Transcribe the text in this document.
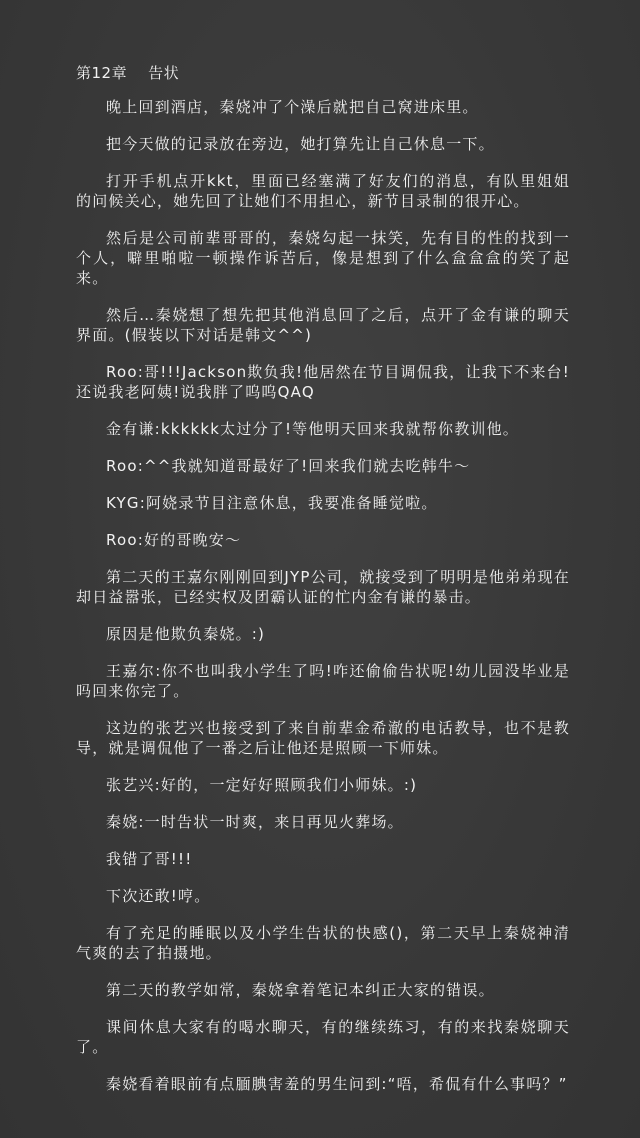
第12章    告状

晚上回到酒店，秦娆冲了个澡后就把自己窝进床里。

把今天做的记录放在旁边，她打算先让自己休息一下。

打开手机点开kkt，里面已经塞满了好友们的消息，有队里姐姐的问候关心，她先回了让她们不用担心，新节目录制的很开心。

然后是公司前辈哥哥的，秦娆勾起一抹笑，先有目的性的找到一个人，噼里啪啦一顿操作诉苦后，像是想到了什么盒盒盒的笑了起来。

然后…秦娆想了想先把其他消息回了之后，点开了金有谦的聊天界面。(假装以下对话是韩文^^)

Roo:哥!!!Jackson欺负我!他居然在节目调侃我，让我下不来台!还说我老阿姨!说我胖了呜呜QAQ

金有谦:kkkkkk太过分了!等他明天回来我就帮你教训他。

Roo:^^我就知道哥最好了!回来我们就去吃韩牛～

KYG:阿娆录节目注意休息，我要准备睡觉啦。

Roo:好的哥晚安～

第二天的王嘉尔刚刚回到JYP公司，就接受到了明明是他弟弟现在却日益嚣张，已经实权及团霸认证的忙内金有谦的暴击。

原因是他欺负秦娆。:)

王嘉尔:你不也叫我小学生了吗!咋还偷偷告状呢!幼儿园没毕业是吗回来你完了。

这边的张艺兴也接受到了来自前辈金希澈的电话教导，也不是教导，就是调侃他了一番之后让他还是照顾一下师妹。

张艺兴:好的，一定好好照顾我们小师妹。:)

秦娆:一时告状一时爽，来日再见火葬场。

我错了哥!!!

下次还敢!哼。

有了充足的睡眠以及小学生告状的快感()，第二天早上秦娆神清气爽的去了拍摄地。

第二天的教学如常，秦娆拿着笔记本纠正大家的错误。

课间休息大家有的喝水聊天，有的继续练习，有的来找秦娆聊天了。

秦娆看着眼前有点腼腆害羞的男生问到:“唔，希侃有什么事吗？”
